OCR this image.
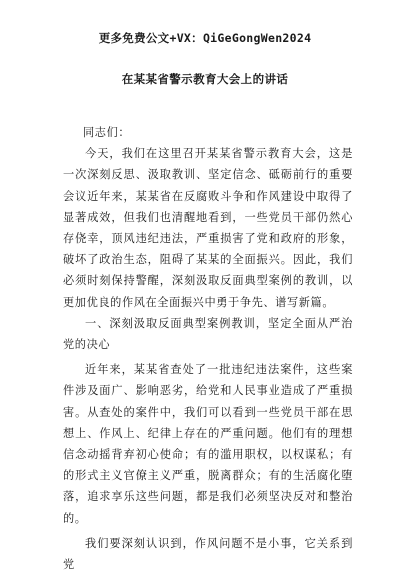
更多免费公文+VX：QiGeGongWen2024
在某某省警示教育大会上的讲话

同志们：

今天，我们在这里召开某某省警示教育大会，这是一次深刻反思、汲取教训、坚定信念、砥砺前行的重要会议近年来，某某省在反腐败斗争和作风建设中取得了显著成效，但我们也清醒地看到，一些党员干部仍然心存侥幸，顶风违纪违法，严重损害了党和政府的形象，破坏了政治生态，阻碍了某某的全面振兴。因此，我们必须时刻保持警醒，深刻汲取反面典型案例的教训，以更加优良的作风在全面振兴中勇于争先、谱写新篇。

一、深刻汲取反面典型案例教训，坚定全面从严治党的决心

近年来，某某省查处了一批违纪违法案件，这些案件涉及面广、影响恶劣，给党和人民事业造成了严重损害。从查处的案件中，我们可以看到一些党员干部在思想上、作风上、纪律上存在的严重问题。他们有的理想信念动摇背弃初心使命；有的滥用职权，以权谋私；有的形式主义官僚主义严重，脱离群众；有的生活腐化堕落，追求享乐这些问题，都是我们必须坚决反对和整治的。

我们要深刻认识到，作风问题不是小事，它关系到党
